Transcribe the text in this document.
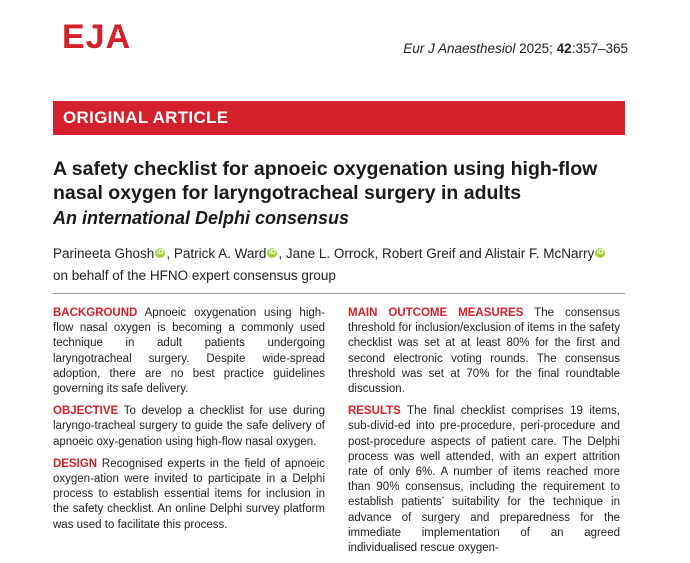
EJA	Eur J Anaesthesiol 2025; 42:357–365
ORIGINAL ARTICLE
A safety checklist for apnoeic oxygenation using high-flow nasal oxygen for laryngotracheal surgery in adults
An international Delphi consensus
Parineeta Ghosh iD , Patrick A. Ward iD , Jane L. Orrock, Robert Greif and Alistair F. McNarry iD
on behalf of the HFNO expert consensus group

BACKGROUND Apnoeic oxygenation using high-flow nasal oxygen is becoming a commonly used technique in adult patients undergoing laryngotracheal surgery. Despite wide-spread adoption, there are no best practice guidelines governing its safe delivery.

OBJECTIVE To develop a checklist for use during laryngo-tracheal surgery to guide the safe delivery of apnoeic oxy-genation using high-flow nasal oxygen.

DESIGN Recognised experts in the field of apnoeic oxygen-ation were invited to participate in a Delphi process to establish essential items for inclusion in the safety checklist. An online Delphi survey platform was used to facilitate this process.

MAIN OUTCOME MEASURES The consensus threshold for inclusion/exclusion of items in the safety checklist was set at at least 80% for the first and second electronic voting rounds. The consensus threshold was set at 70% for the final roundtable discussion.

RESULTS The final checklist comprises 19 items, sub-divid-ed into pre-procedure, peri-procedure and post-procedure aspects of patient care. The Delphi process was well attended, with an expert attrition rate of only 6%. A number of items reached more than 90% consensus, including the requirement to establish patients’ suitability for the technique in advance of surgery and preparedness for the immediate implementation of an agreed individualised rescue oxygen-
